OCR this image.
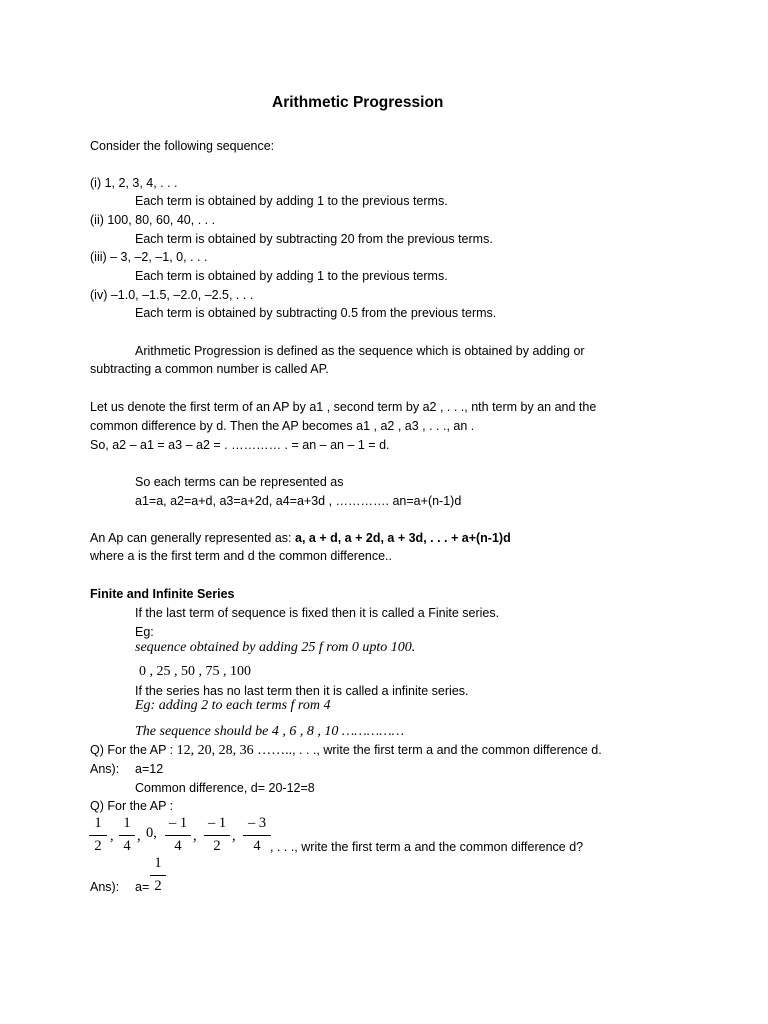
Arithmetic Progression
Consider the following sequence:
(i) 1, 2, 3, 4, . . .
Each term is obtained by adding 1 to the previous terms.
(ii) 100, 80, 60, 40, . . .
Each term is obtained by subtracting 20 from the previous terms.
(iii) – 3, –2, –1, 0, . . .
Each term is obtained by adding 1 to the previous terms.
(iv) –1.0, –1.5, –2.0, –2.5, . . .
Each term is obtained by subtracting 0.5 from the previous terms.
Arithmetic Progression is defined as the sequence which is obtained by adding or
subtracting a common number is called AP.
Let us denote the first term of an AP by a1 , second term by a2 , . . ., nth term by an and the
common difference by d. Then the AP becomes a1 , a2 , a3 , . . ., an .
So, a2 – a1 = a3 – a2 = . ………… . = an – an – 1 = d.
So each terms can be represented as
a1=a, a2=a+d, a3=a+2d, a4=a+3d , …………. an=a+(n-1)d
An Ap can generally represented as: a, a + d, a + 2d, a + 3d, . . . + a+(n-1)d
where a is the first term and d the common difference..
Finite and Infinite Series
If the last term of sequence is fixed then it is called a Finite series.
Eg:
sequence obtained by adding 25 f rom 0 upto 100.
0 , 25 , 50 , 75 , 100
If the series has no last term then it is called a infinite series.
Eg: adding 2 to each terms f rom 4
The sequence should be 4 , 6 , 8 , 10 ……………
Q) For the AP : 12, 20, 28, 36 …….., . . ., write the first term a and the common difference d.
Ans): a=12
Common difference, d= 20-12=8
Q) For the AP :
1
2
,
1
4
, 0,
– 1
4
,
– 1
2
,
– 3
4 , . . ., write the first term a and the common difference d?
Ans): a=
1
2
